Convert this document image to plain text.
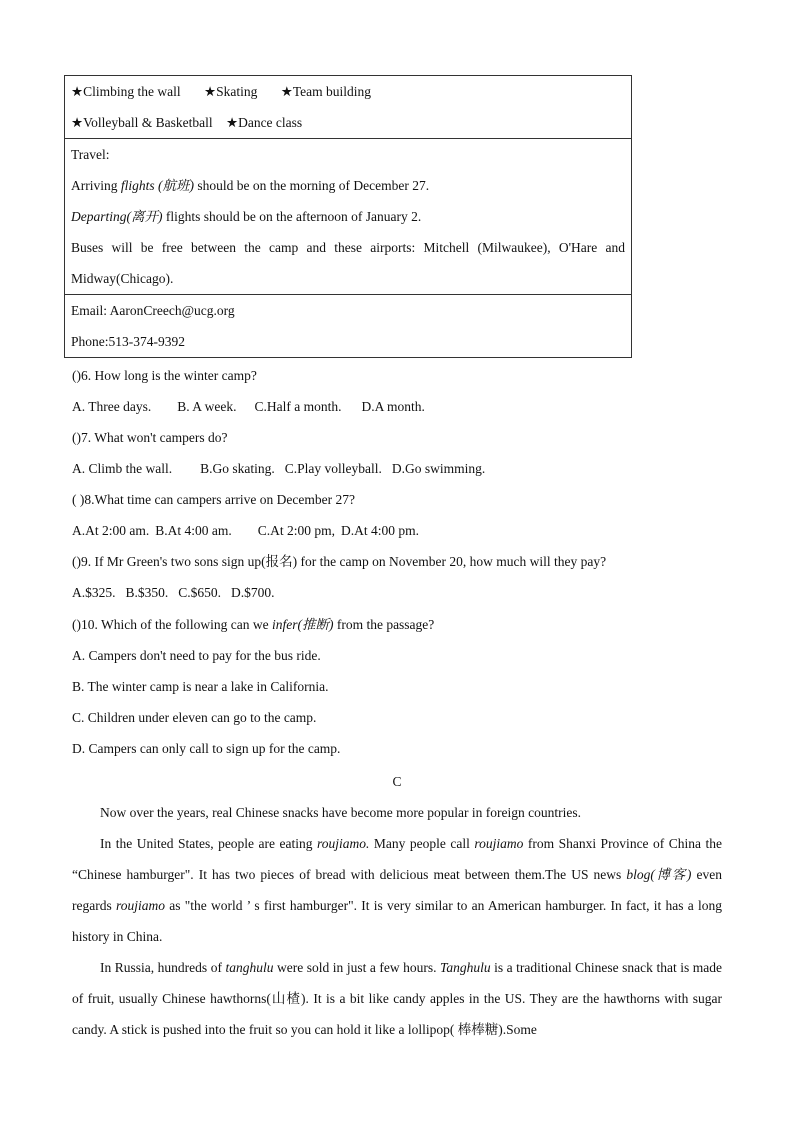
★Climbing the wall ★Skating ★Team building
★Volleyball & Basketball ★Dance class
Travel:
Arriving flights (航班) should be on the morning of December 27.
Departing(离开) flights should be on the afternoon of January 2.
Buses will be free between the camp and these airports: Mitchell (Milwaukee), O'Hare and
Midway(Chicago).
Email: AaronCreech@ucg.org
Phone:513-374-9392
()6. How long is the winter camp?
A. Three days. B. A week. C.Half a month. D.A month.
()7. What won't campers do?
A. Climb the wall. B.Go skating. C.Play volleyball. D.Go swimming.
( )8.What time can campers arrive on December 27?
A.At 2:00 am. B.At 4:00 am. C.At 2:00 pm, D.At 4:00 pm.
()9. If Mr Green's two sons sign up(报名) for the camp on November 20, how much will they pay?
A.$325. B.$350. C.$650. D.$700.
()10. Which of the following can we infer(推断) from the passage?
A. Campers don't need to pay for the bus ride.
B. The winter camp is near a lake in California.
C. Children under eleven can go to the camp.
D. Campers can only call to sign up for the camp.
C
Now over the years, real Chinese snacks have become more popular in foreign countries.
In the United States, people are eating roujiamo. Many people call roujiamo from Shanxi Province of China the “Chinese hamburger". It has two pieces of bread with delicious meat between them.The US news blog(博客) even regards roujiamo as "the world ’ s first hamburger". It is very similar to an American hamburger. In fact, it has a long history in China.
In Russia, hundreds of tanghulu were sold in just a few hours. Tanghulu is a traditional Chinese snack that is made of fruit, usually Chinese hawthorns(山楂). It is a bit like candy apples in the US. They are the hawthorns with sugar candy. A stick is pushed into the fruit so you can hold it like a lollipop( 棒棒糖).Some
